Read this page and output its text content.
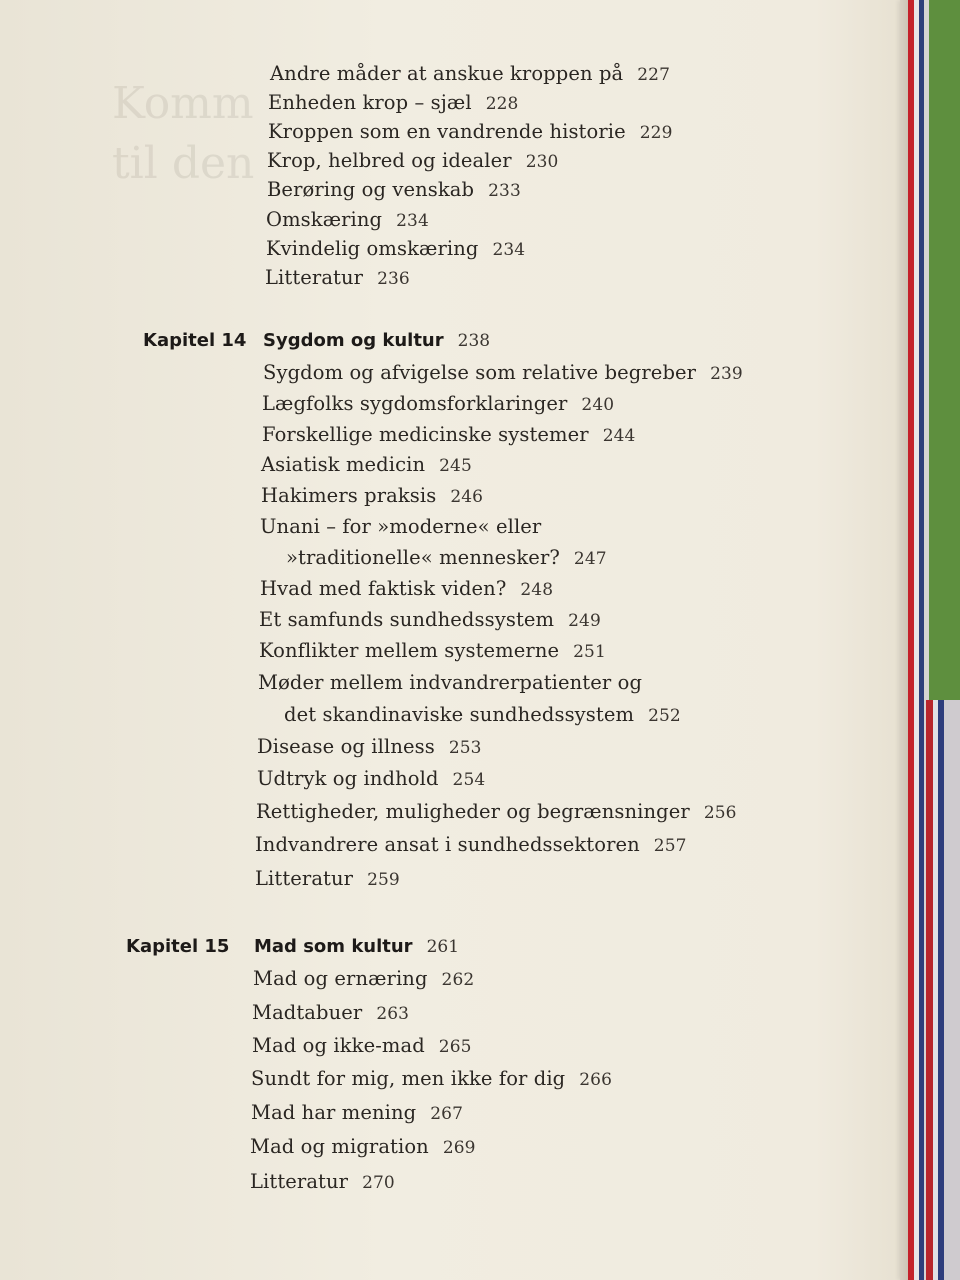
Komm
til den
Andre måder at anskue kroppen på 227
Enheden krop – sjæl 228
Kroppen som en vandrende historie 229
Krop, helbred og idealer 230
Berøring og venskab 233
Omskæring 234
Kvindelig omskæring 234
Litteratur 236
Kapitel 14 Sygdom og kultur 238
Sygdom og afvigelse som relative begreber 239
Lægfolks sygdomsforklaringer 240
Forskellige medicinske systemer 244
Asiatisk medicin 245
Hakimers praksis 246
Unani – for »moderne« eller
»traditionelle« mennesker? 247
Hvad med faktisk viden? 248
Et samfunds sundhedssystem 249
Konflikter mellem systemerne 251
Møder mellem indvandrerpatienter og
det skandinaviske sundhedssystem 252
Disease og illness 253
Udtryk og indhold 254
Rettigheder, muligheder og begrænsninger 256
Indvandrere ansat i sundhedssektoren 257
Litteratur 259
Kapitel 15 Mad som kultur 261
Mad og ernæring 262
Madtabuer 263
Mad og ikke-mad 265
Sundt for mig, men ikke for dig 266
Mad har mening 267
Mad og migration 269
Litteratur 270
